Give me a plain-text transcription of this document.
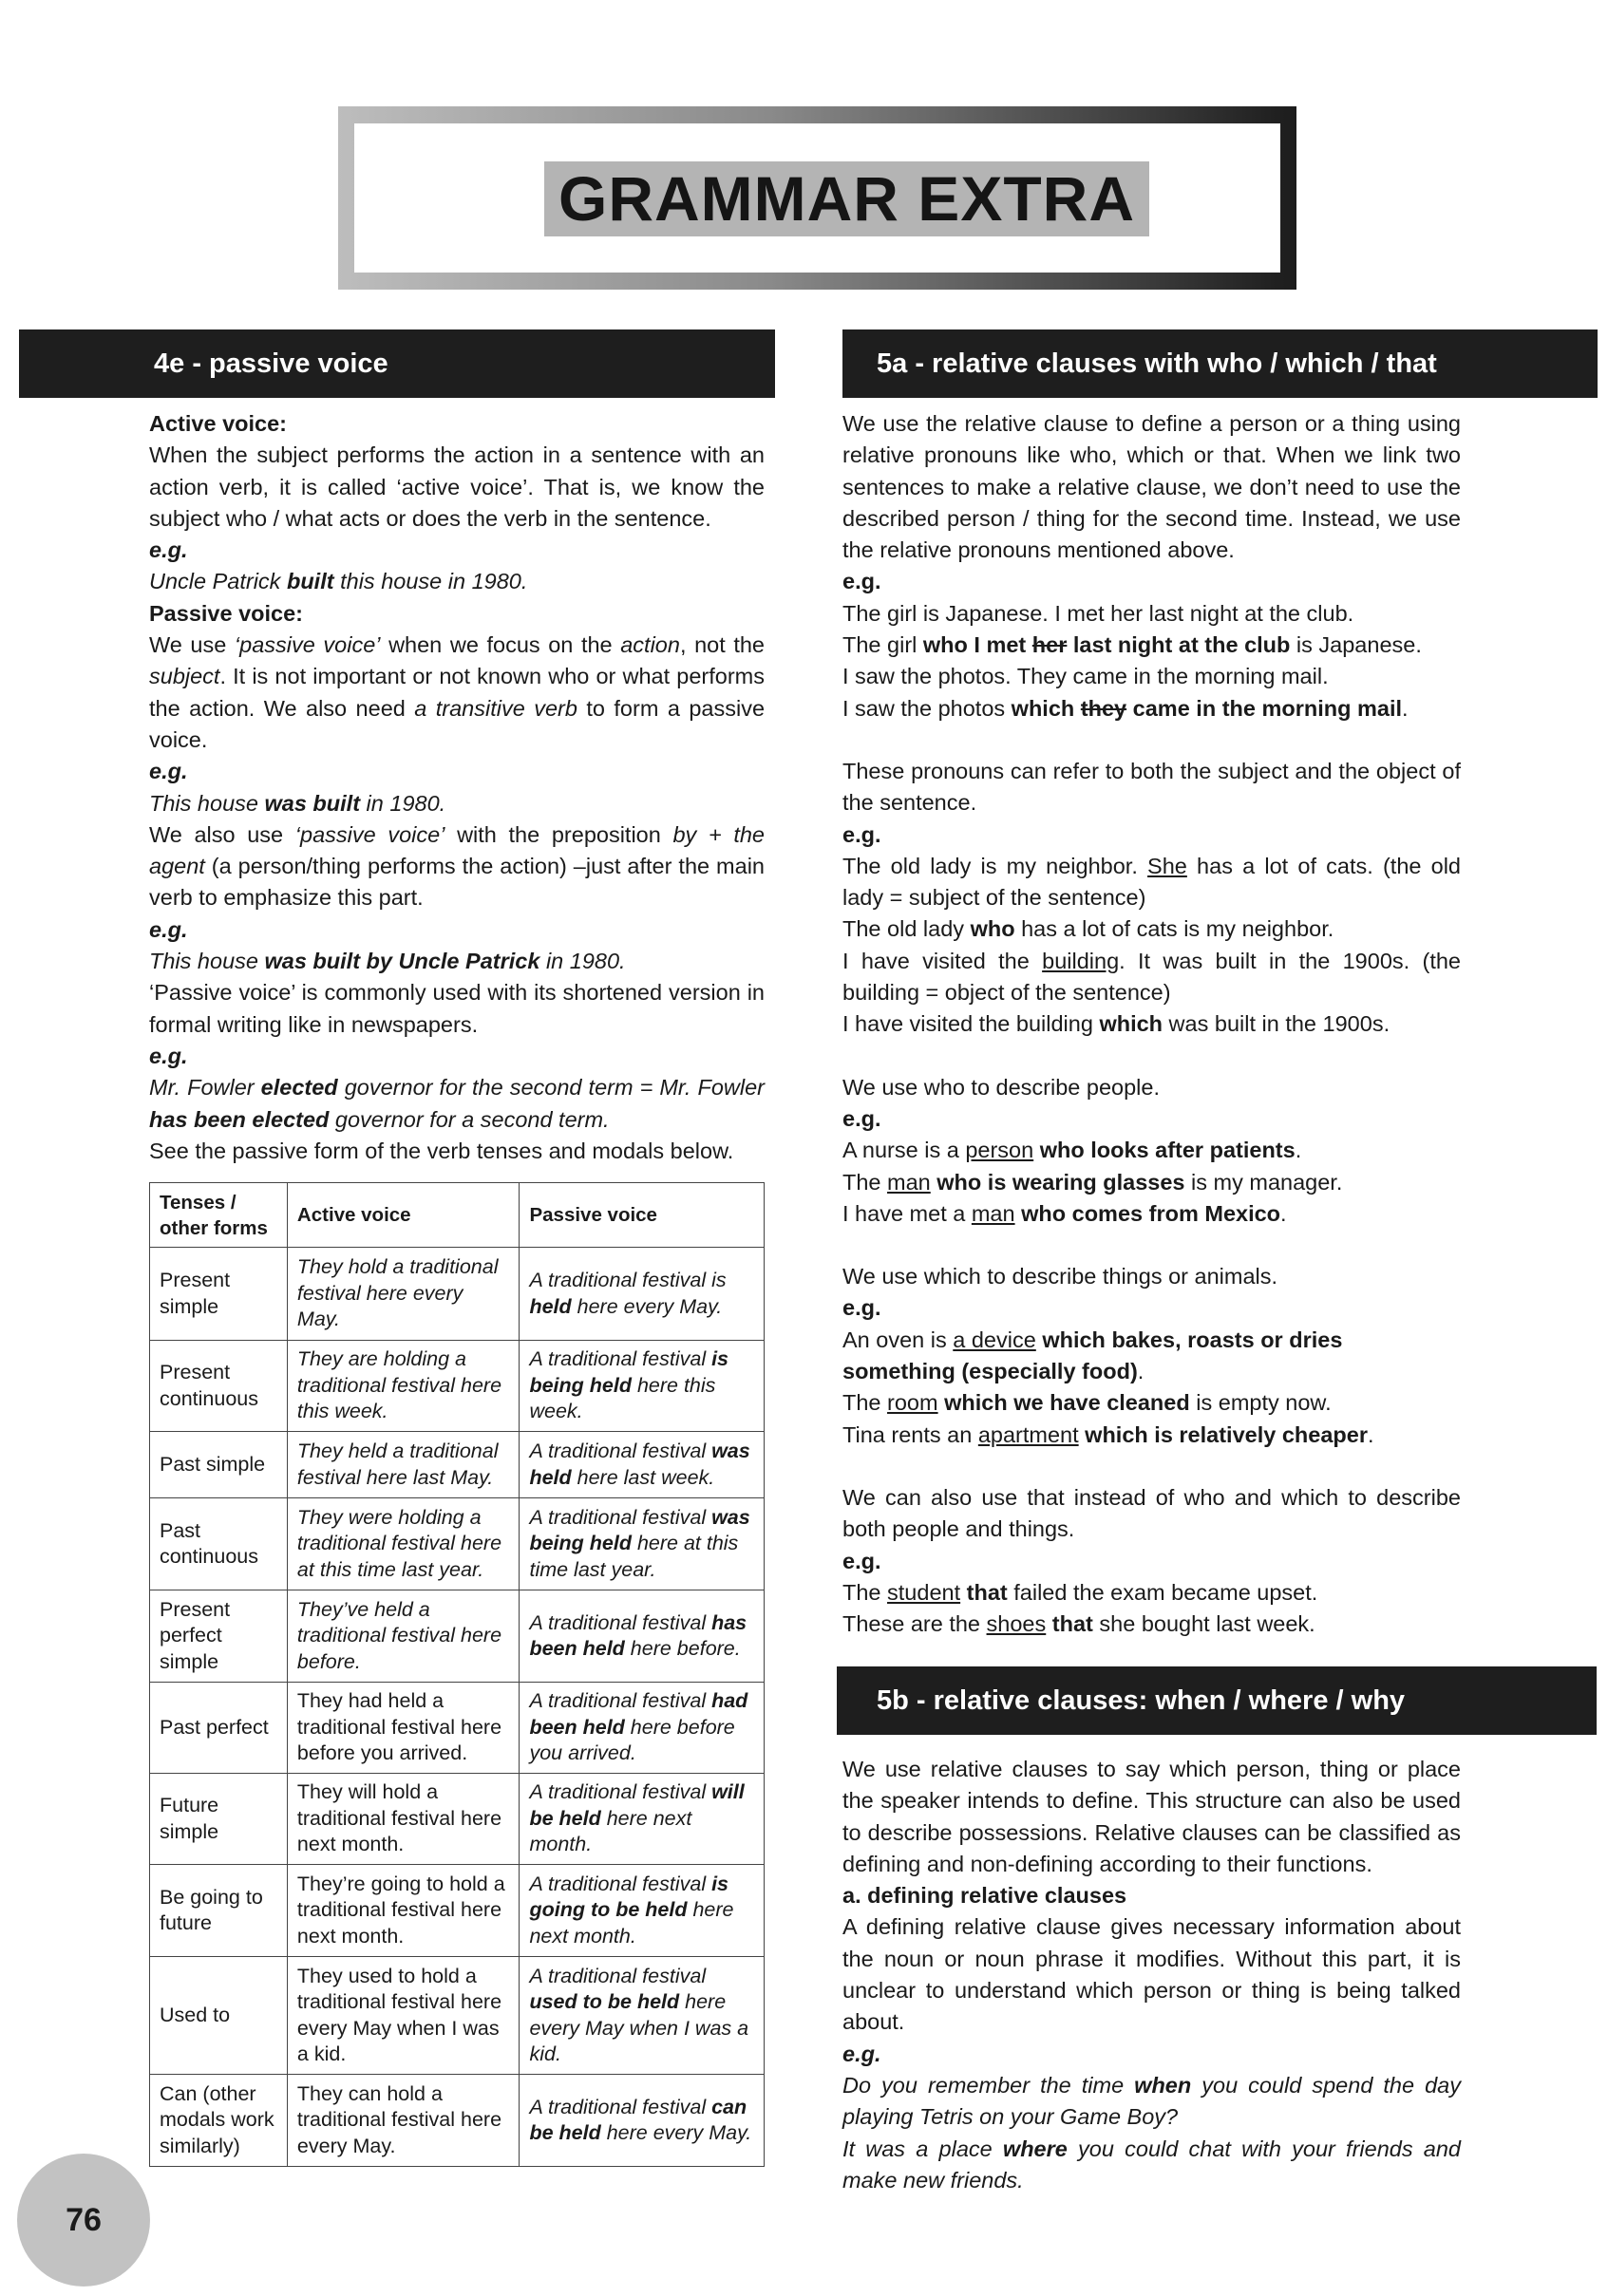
GRAMMAR EXTRA
4e - passive voice

Active voice:

When the subject performs the action in a sentence with an action verb, it is called ‘active voice’. That is, we know the subject who / what acts or does the verb in the sentence.

e.g.

Uncle Patrick built this house in 1980.

Passive voice:

We use ‘passive voice’ when we focus on the action, not the subject. It is not important or not known who or what performs the action. We also need a transitive verb to form a passive voice.

e.g.

This house was built in 1980.

We also use ‘passive voice’ with the preposition by + the agent (a person/thing performs the action) –just after the main verb to emphasize this part.

e.g.

This house was built by Uncle Patrick in 1980.

‘Passive voice’ is commonly used with its shortened version in formal writing like in newspapers.

e.g.

Mr. Fowler elected governor for the second term = Mr. Fowler has been elected governor for a second term.

See the passive form of the verb tenses and modals below.

Tenses / other forms	Active voice	Passive voice
Present simple	They hold a traditional festival here every May.	A traditional festival is held here every May.
Present continuous	They are holding a traditional festival here this week.	A traditional festival is being held here this week.
Past simple	They held a traditional festival here last May.	A traditional festival was held here last week.
Past continuous	They were holding a traditional festival here at this time last year.	A traditional festival was being held here at this time last year.
Present perfect simple	They’ve held a traditional festival here before.	A traditional festival has been held here before.
Past perfect	They had held a traditional festival here before you arrived.	A traditional festival had been held here before you arrived.
Future simple	They will hold a traditional festival here next month.	A traditional festival will be held here next month.
Be going to future	They’re going to hold a traditional festival here next month.	A traditional festival is going to be held here next month.
Used to	They used to hold a traditional festival here every May when I was a kid.	A traditional festival used to be held here every May when I was a kid.
Can (other modals work similarly)	They can hold a traditional festival here every May.	A traditional festival can be held here every May.
76
5a - relative clauses with who / which / that

We use the relative clause to define a person or a thing using relative pronouns like who, which or that. When we link two sentences to make a relative clause, we don’t need to use the described person / thing for the second time. Instead, we use the relative pronouns mentioned above.

e.g.

The girl is Japanese. I met her last night at the club.

The girl who I met her last night at the club is Japanese.

I saw the photos. They came in the morning mail.

I saw the photos which they came in the morning mail.

These pronouns can refer to both the subject and the object of the sentence.

e.g.

The old lady is my neighbor. She has a lot of cats. (the old lady = subject of the sentence)

The old lady who has a lot of cats is my neighbor.

I have visited the building. It was built in the 1900s. (the building = object of the sentence)

I have visited the building which was built in the 1900s.

We use who to describe people.

e.g.

A nurse is a person who looks after patients.

The man who is wearing glasses is my manager.

I have met a man who comes from Mexico.

We use which to describe things or animals.

e.g.

An oven is a device which bakes, roasts or dries something (especially food).

The room which we have cleaned is empty now.

Tina rents an apartment which is relatively cheaper.

We can also use that instead of who and which to describe both people and things.

e.g.

The student that failed the exam became upset.

These are the shoes that she bought last week.

5b - relative clauses: when / where / why

We use relative clauses to say which person, thing or place the speaker intends to define. This structure can also be used to describe possessions. Relative clauses can be classified as defining and non-defining according to their functions.

a. defining relative clauses

A defining relative clause gives necessary information about the noun or noun phrase it modifies. Without this part, it is unclear to understand which person or thing is being talked about.

e.g.

Do you remember the time when you could spend the day playing Tetris on your Game Boy?

It was a place where you could chat with your friends and make new friends.
